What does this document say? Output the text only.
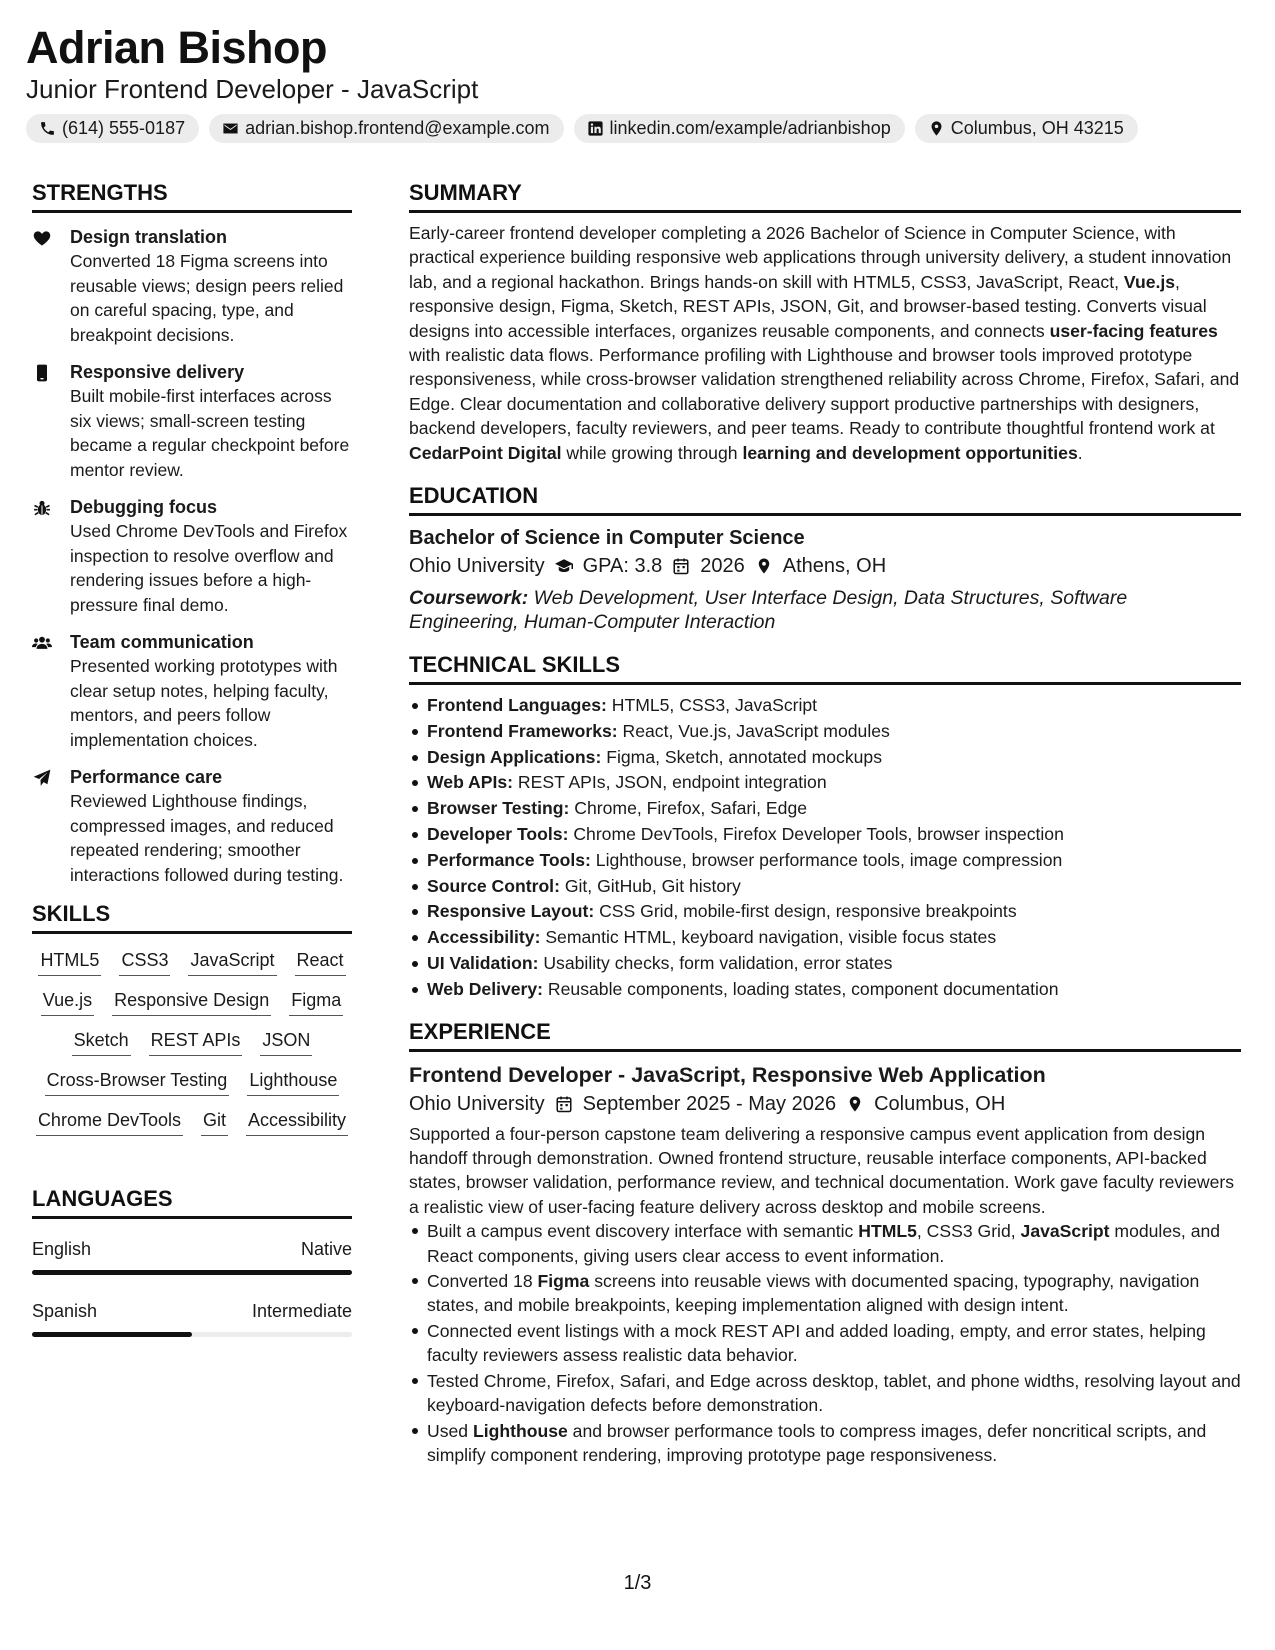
Adrian Bishop
Junior Frontend Developer - JavaScript
(614) 555-0187	adrian.bishop.frontend@example.com	linkedin.com/example/adrianbishop	Columbus, OH 43215
STRENGTHS
Design translation
Converted 18 Figma screens into reusable views; design peers relied on careful spacing, type, and breakpoint decisions.
Responsive delivery
Built mobile-first interfaces across six views; small-screen testing became a regular checkpoint before mentor review.
Debugging focus
Used Chrome DevTools and Firefox inspection to resolve overflow and rendering issues before a high-pressure final demo.
Team communication
Presented working prototypes with clear setup notes, helping faculty, mentors, and peers follow implementation choices.
Performance care
Reviewed Lighthouse findings, compressed images, and reduced repeated rendering; smoother interactions followed during testing.
SKILLS
HTML5 CSS3 JavaScript React
Vue.js Responsive Design Figma
Sketch REST APIs JSON
Cross-Browser Testing Lighthouse
Chrome DevTools Git Accessibility
LANGUAGES
English	Native
Spanish	Intermediate
SUMMARY
Early-career frontend developer completing a 2026 Bachelor of Science in Computer Science, with practical experience building responsive web applications through university delivery, a student innovation lab, and a regional hackathon. Brings hands-on skill with HTML5, CSS3, JavaScript, React, Vue.js, responsive design, Figma, Sketch, REST APIs, JSON, Git, and browser-based testing. Converts visual designs into accessible interfaces, organizes reusable components, and connects user-facing features with realistic data flows. Performance profiling with Lighthouse and browser tools improved prototype responsiveness, while cross-browser validation strengthened reliability across Chrome, Firefox, Safari, and Edge. Clear documentation and collaborative delivery support productive partnerships with designers, backend developers, faculty reviewers, and peer teams. Ready to contribute thoughtful frontend work at CedarPoint Digital while growing through learning and development opportunities.
EDUCATION
Bachelor of Science in Computer Science
Ohio University GPA: 3.8 2026 Athens, OH
Coursework: Web Development, User Interface Design, Data Structures, Software Engineering, Human-Computer Interaction
TECHNICAL SKILLS
Frontend Languages: HTML5, CSS3, JavaScript
Frontend Frameworks: React, Vue.js, JavaScript modules
Design Applications: Figma, Sketch, annotated mockups
Web APIs: REST APIs, JSON, endpoint integration
Browser Testing: Chrome, Firefox, Safari, Edge
Developer Tools: Chrome DevTools, Firefox Developer Tools, browser inspection
Performance Tools: Lighthouse, browser performance tools, image compression
Source Control: Git, GitHub, Git history
Responsive Layout: CSS Grid, mobile-first design, responsive breakpoints
Accessibility: Semantic HTML, keyboard navigation, visible focus states
UI Validation: Usability checks, form validation, error states
Web Delivery: Reusable components, loading states, component documentation
EXPERIENCE
Frontend Developer - JavaScript, Responsive Web Application
Ohio University September 2025 - May 2026 Columbus, OH
Supported a four-person capstone team delivering a responsive campus event application from design handoff through demonstration. Owned frontend structure, reusable interface components, API-backed states, browser validation, performance review, and technical documentation. Work gave faculty reviewers a realistic view of user-facing feature delivery across desktop and mobile screens.
Built a campus event discovery interface with semantic HTML5, CSS3 Grid, JavaScript modules, and React components, giving users clear access to event information.
Converted 18 Figma screens into reusable views with documented spacing, typography, navigation states, and mobile breakpoints, keeping implementation aligned with design intent.
Connected event listings with a mock REST API and added loading, empty, and error states, helping faculty reviewers assess realistic data behavior.
Tested Chrome, Firefox, Safari, and Edge across desktop, tablet, and phone widths, resolving layout and keyboard-navigation defects before demonstration.
Used Lighthouse and browser performance tools to compress images, defer noncritical scripts, and simplify component rendering, improving prototype page responsiveness.
1/3
